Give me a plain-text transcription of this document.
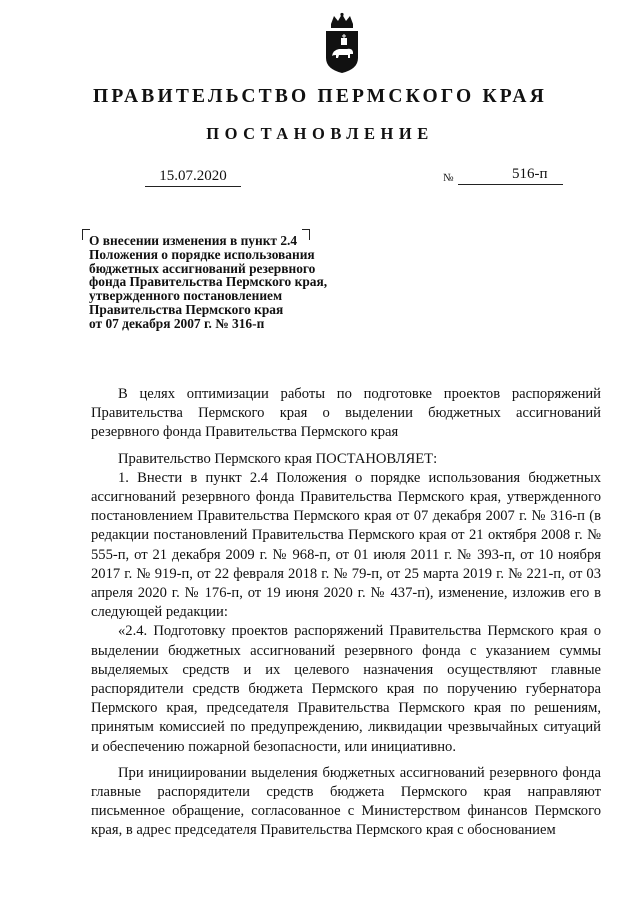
ПРАВИТЕЛЬСТВО ПЕРМСКОГО КРАЯ
ПОСТАНОВЛЕНИЕ
15.07.2020	№	516-п
О внесении изменения в пункт 2.4
Положения о порядке использования
бюджетных ассигнований резервного
фонда Правительства Пермского края,
утвержденного постановлением
Правительства Пермского края
от 07 декабря 2007 г. № 316-п

В целях оптимизации работы по подготовке проектов распоряжений Правительства Пермского края о выделении бюджетных ассигнований резервного фонда Правительства Пермского края

Правительство Пермского края ПОСТАНОВЛЯЕТ:

1. Внести в пункт 2.4 Положения о порядке использования бюджетных ассигнований резервного фонда Правительства Пермского края, утвержденного постановлением Правительства Пермского края от 07 декабря 2007 г. № 316-п (в редакции постановлений Правительства Пермского края от 21 октября 2008 г. № 555-п, от 21 декабря 2009 г. № 968-п, от 01 июля 2011 г. № 393-п, от 10 ноября 2017 г. № 919-п, от 22 февраля 2018 г. № 79-п, от 25 марта 2019 г. № 221-п, от 03 апреля 2020 г. № 176-п, от 19 июня 2020 г. № 437-п), изменение, изложив его в следующей редакции:

«2.4. Подготовку проектов распоряжений Правительства Пермского края о выделении бюджетных ассигнований резервного фонда с указанием суммы выделяемых средств и их целевого назначения осуществляют главные распорядители средств бюджета Пермского края по поручению губернатора Пермского края, председателя Правительства Пермского края по решениям, принятым комиссией по предупреждению, ликвидации чрезвычайных ситуаций и обеспечению пожарной безопасности, или инициативно.

При инициировании выделения бюджетных ассигнований резервного фонда главные распорядители средств бюджета Пермского края направляют письменное обращение, согласованное с Министерством финансов Пермского края, в адрес председателя Правительства Пермского края с обоснованием
